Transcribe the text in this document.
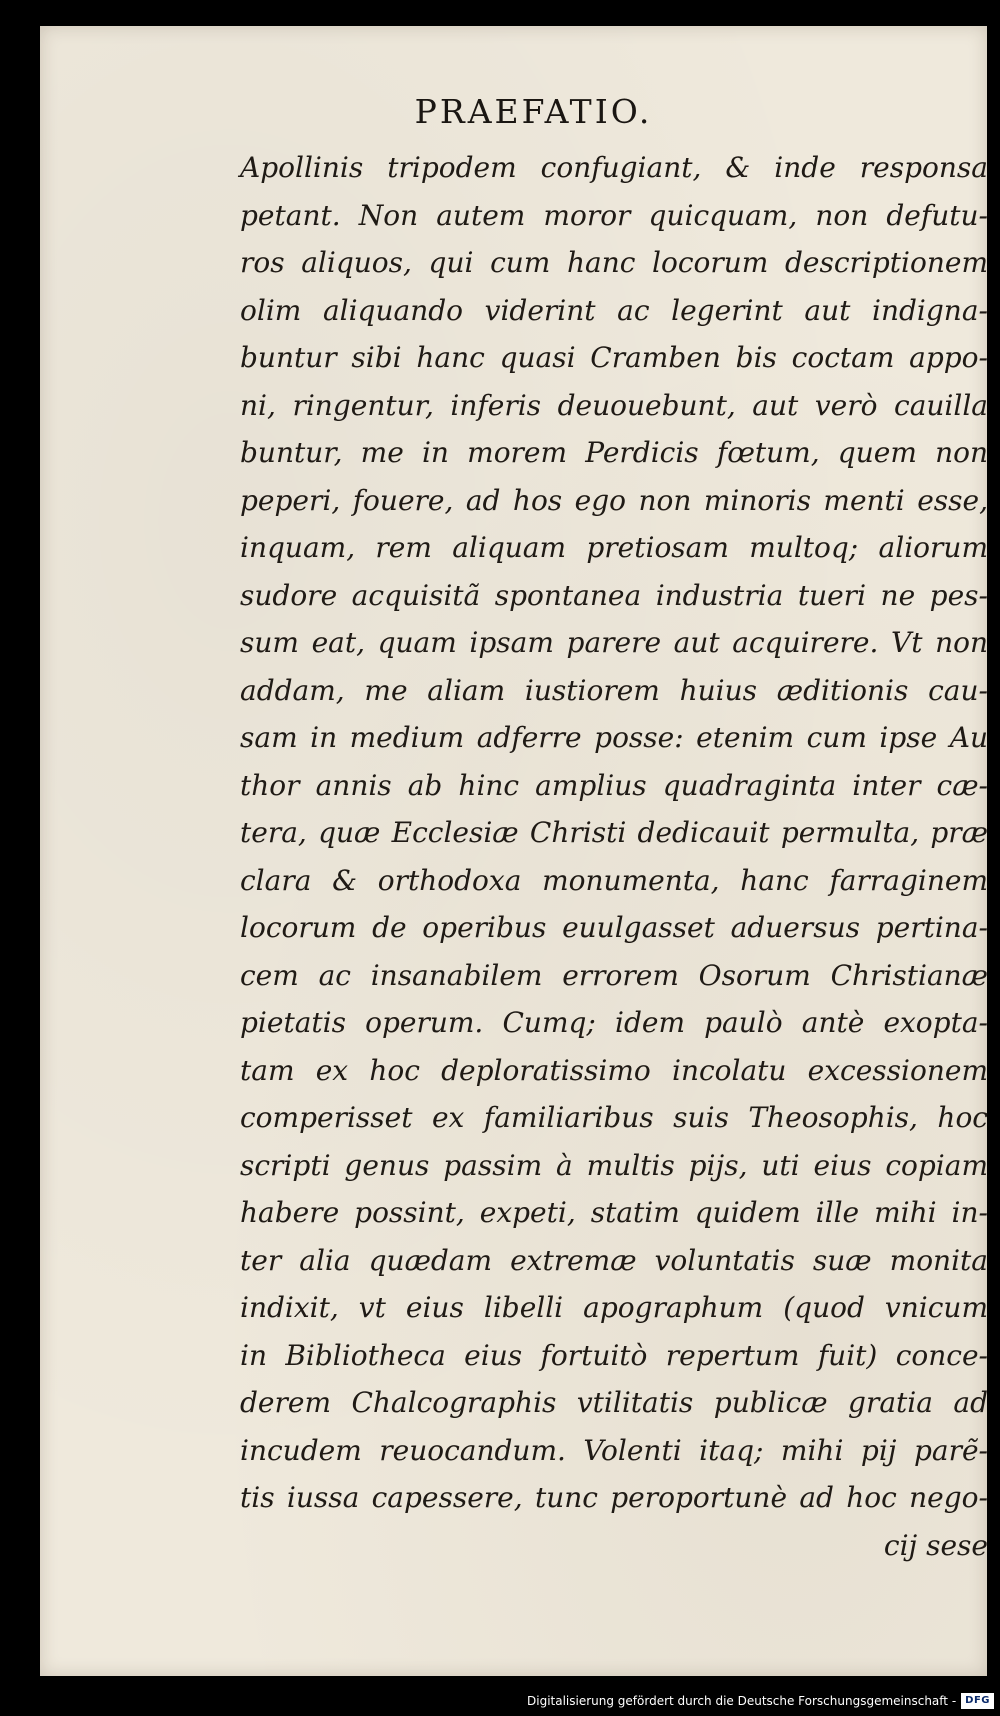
PRAEFATIO.
Apollinis tripodem confugiant, & inde responsa
petant. Non autem moror quicquam, non defutu-
ros aliquos, qui cum hanc locorum descriptionem
olim aliquando viderint ac legerint aut indigna-
buntur sibi hanc quasi Cramben bis coctam appo-
ni, ringentur, inferis deuouebunt, aut verò cauilla
buntur, me in morem Perdicis fœtum, quem non
peperi, fouere, ad hos ego non minoris menti esse,
inquam, rem aliquam pretiosam multoq; aliorum
sudore acquisitã spontanea industria tueri ne pes-
sum eat, quam ipsam parere aut acquirere. Vt non
addam, me aliam iustiorem huius æditionis cau-
sam in medium adferre posse: etenim cum ipse Au
thor annis ab hinc amplius quadraginta inter cæ-
tera, quæ Ecclesiæ Christi dedicauit permulta, præ
clara & orthodoxa monumenta, hanc farraginem
locorum de operibus euulgasset aduersus pertina-
cem ac insanabilem errorem Osorum Christianæ
pietatis operum. Cumq; idem paulò antè exopta-
tam ex hoc deploratissimo incolatu excessionem
comperisset ex familiaribus suis Theosophis, hoc
scripti genus passim à multis pijs, uti eius copiam
habere possint, expeti, statim quidem ille mihi in-
ter alia quædam extremæ voluntatis suæ monita
indixit, vt eius libelli apographum (quod vnicum
in Bibliotheca eius fortuitò repertum fuit) conce-
derem Chalcographis vtilitatis publicæ gratia ad
incudem reuocandum. Volenti itaq; mihi pij parẽ-
tis iussa capessere, tunc peroportunè ad hoc nego-
cij sese
Digitalisierung gefördert durch die Deutsche Forschungsgemeinschaft - DFG
